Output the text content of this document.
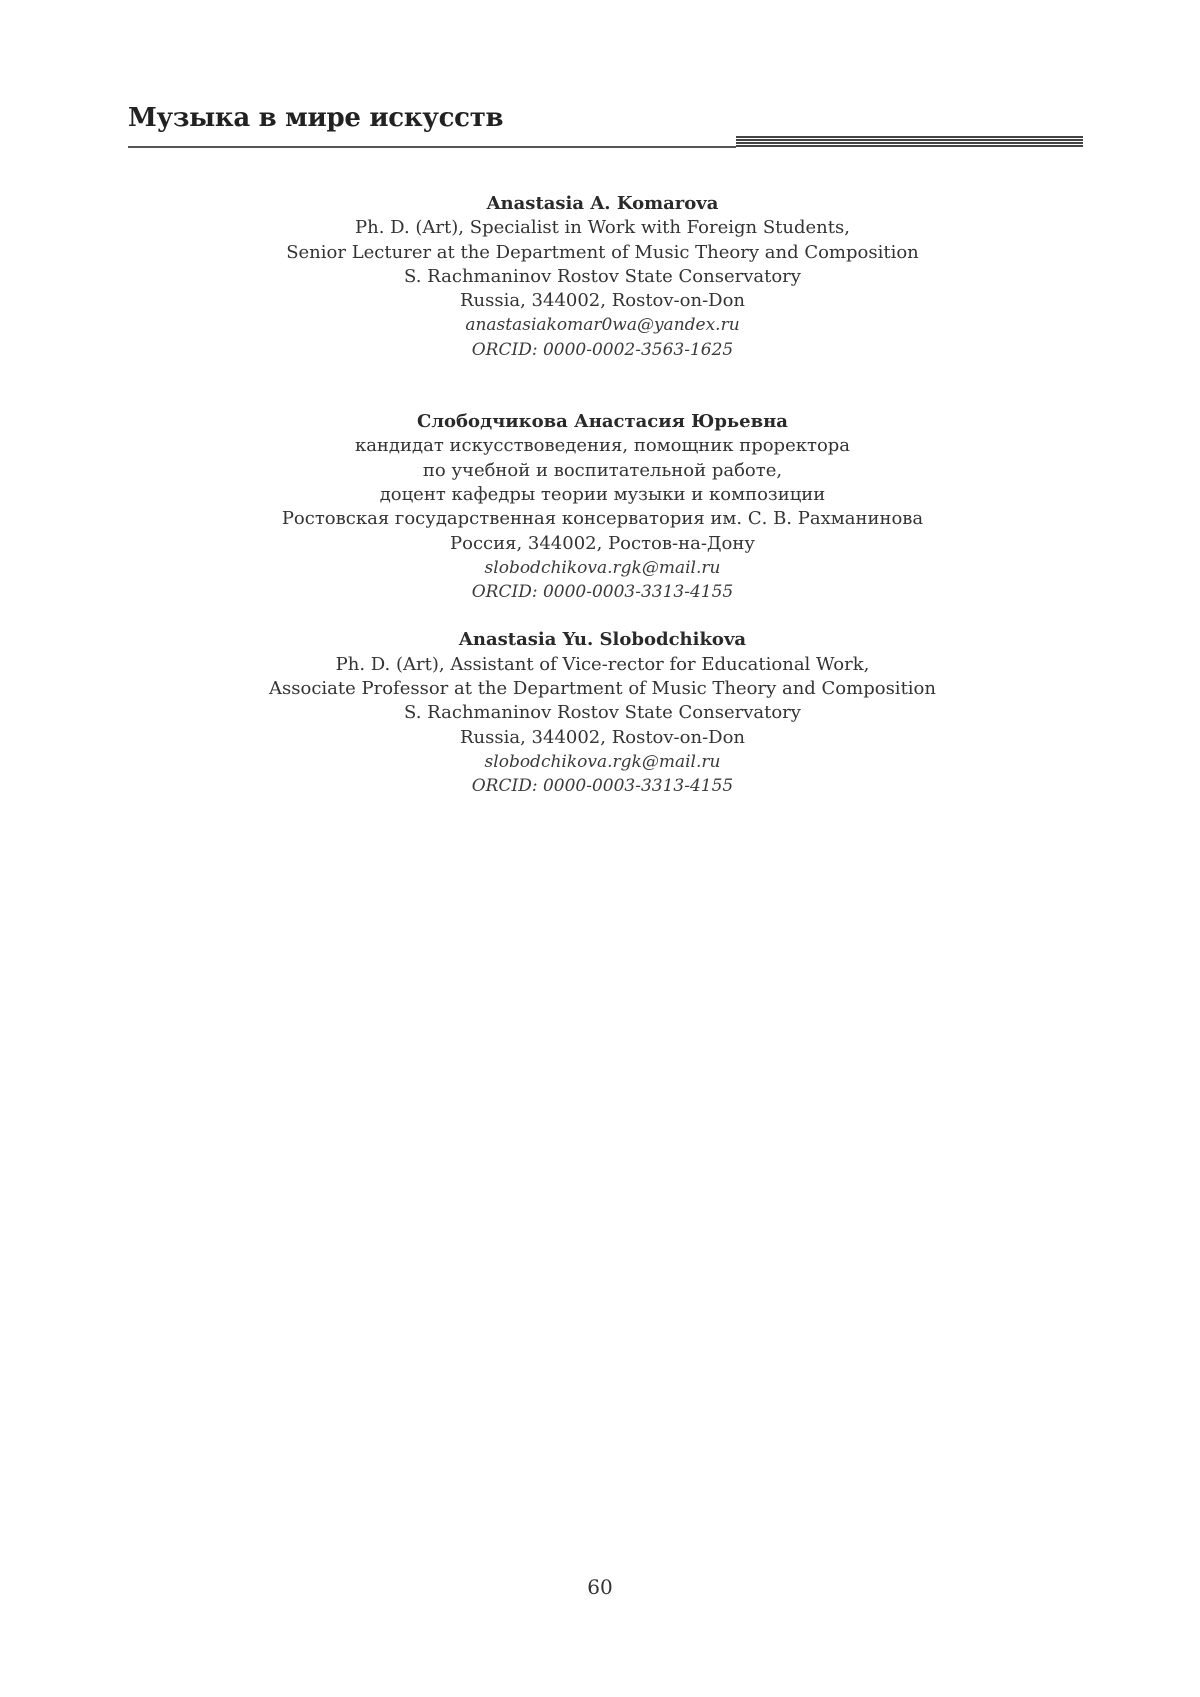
Музыка в мире искусств
Anastasia A. Komarova
Ph. D. (Art), Specialist in Work with Foreign Students,
Senior Lecturer at the Department of Music Theory and Composition
S. Rachmaninov Rostov State Conservatory
Russia, 344002, Rostov-on-Don
anastasiakomar0wa@yandex.ru
ORCID: 0000-0002-3563-1625
Слободчикова Анастасия Юрьевна
кандидат искусствоведения, помощник проректора
по учебной и воспитательной работе,
доцент кафедры теории музыки и композиции
Ростовская государственная консерватория им. С. В. Рахманинова
Россия, 344002, Ростов-на-Дону
slobodchikova.rgk@mail.ru
ORCID: 0000-0003-3313-4155
Anastasia Yu. Slobodchikova
Ph. D. (Art), Assistant of Vice-rector for Educational Work,
Associate Professor at the Department of Music Theory and Composition
S. Rachmaninov Rostov State Conservatory
Russia, 344002, Rostov-on-Don
slobodchikova.rgk@mail.ru
ORCID: 0000-0003-3313-4155
60
